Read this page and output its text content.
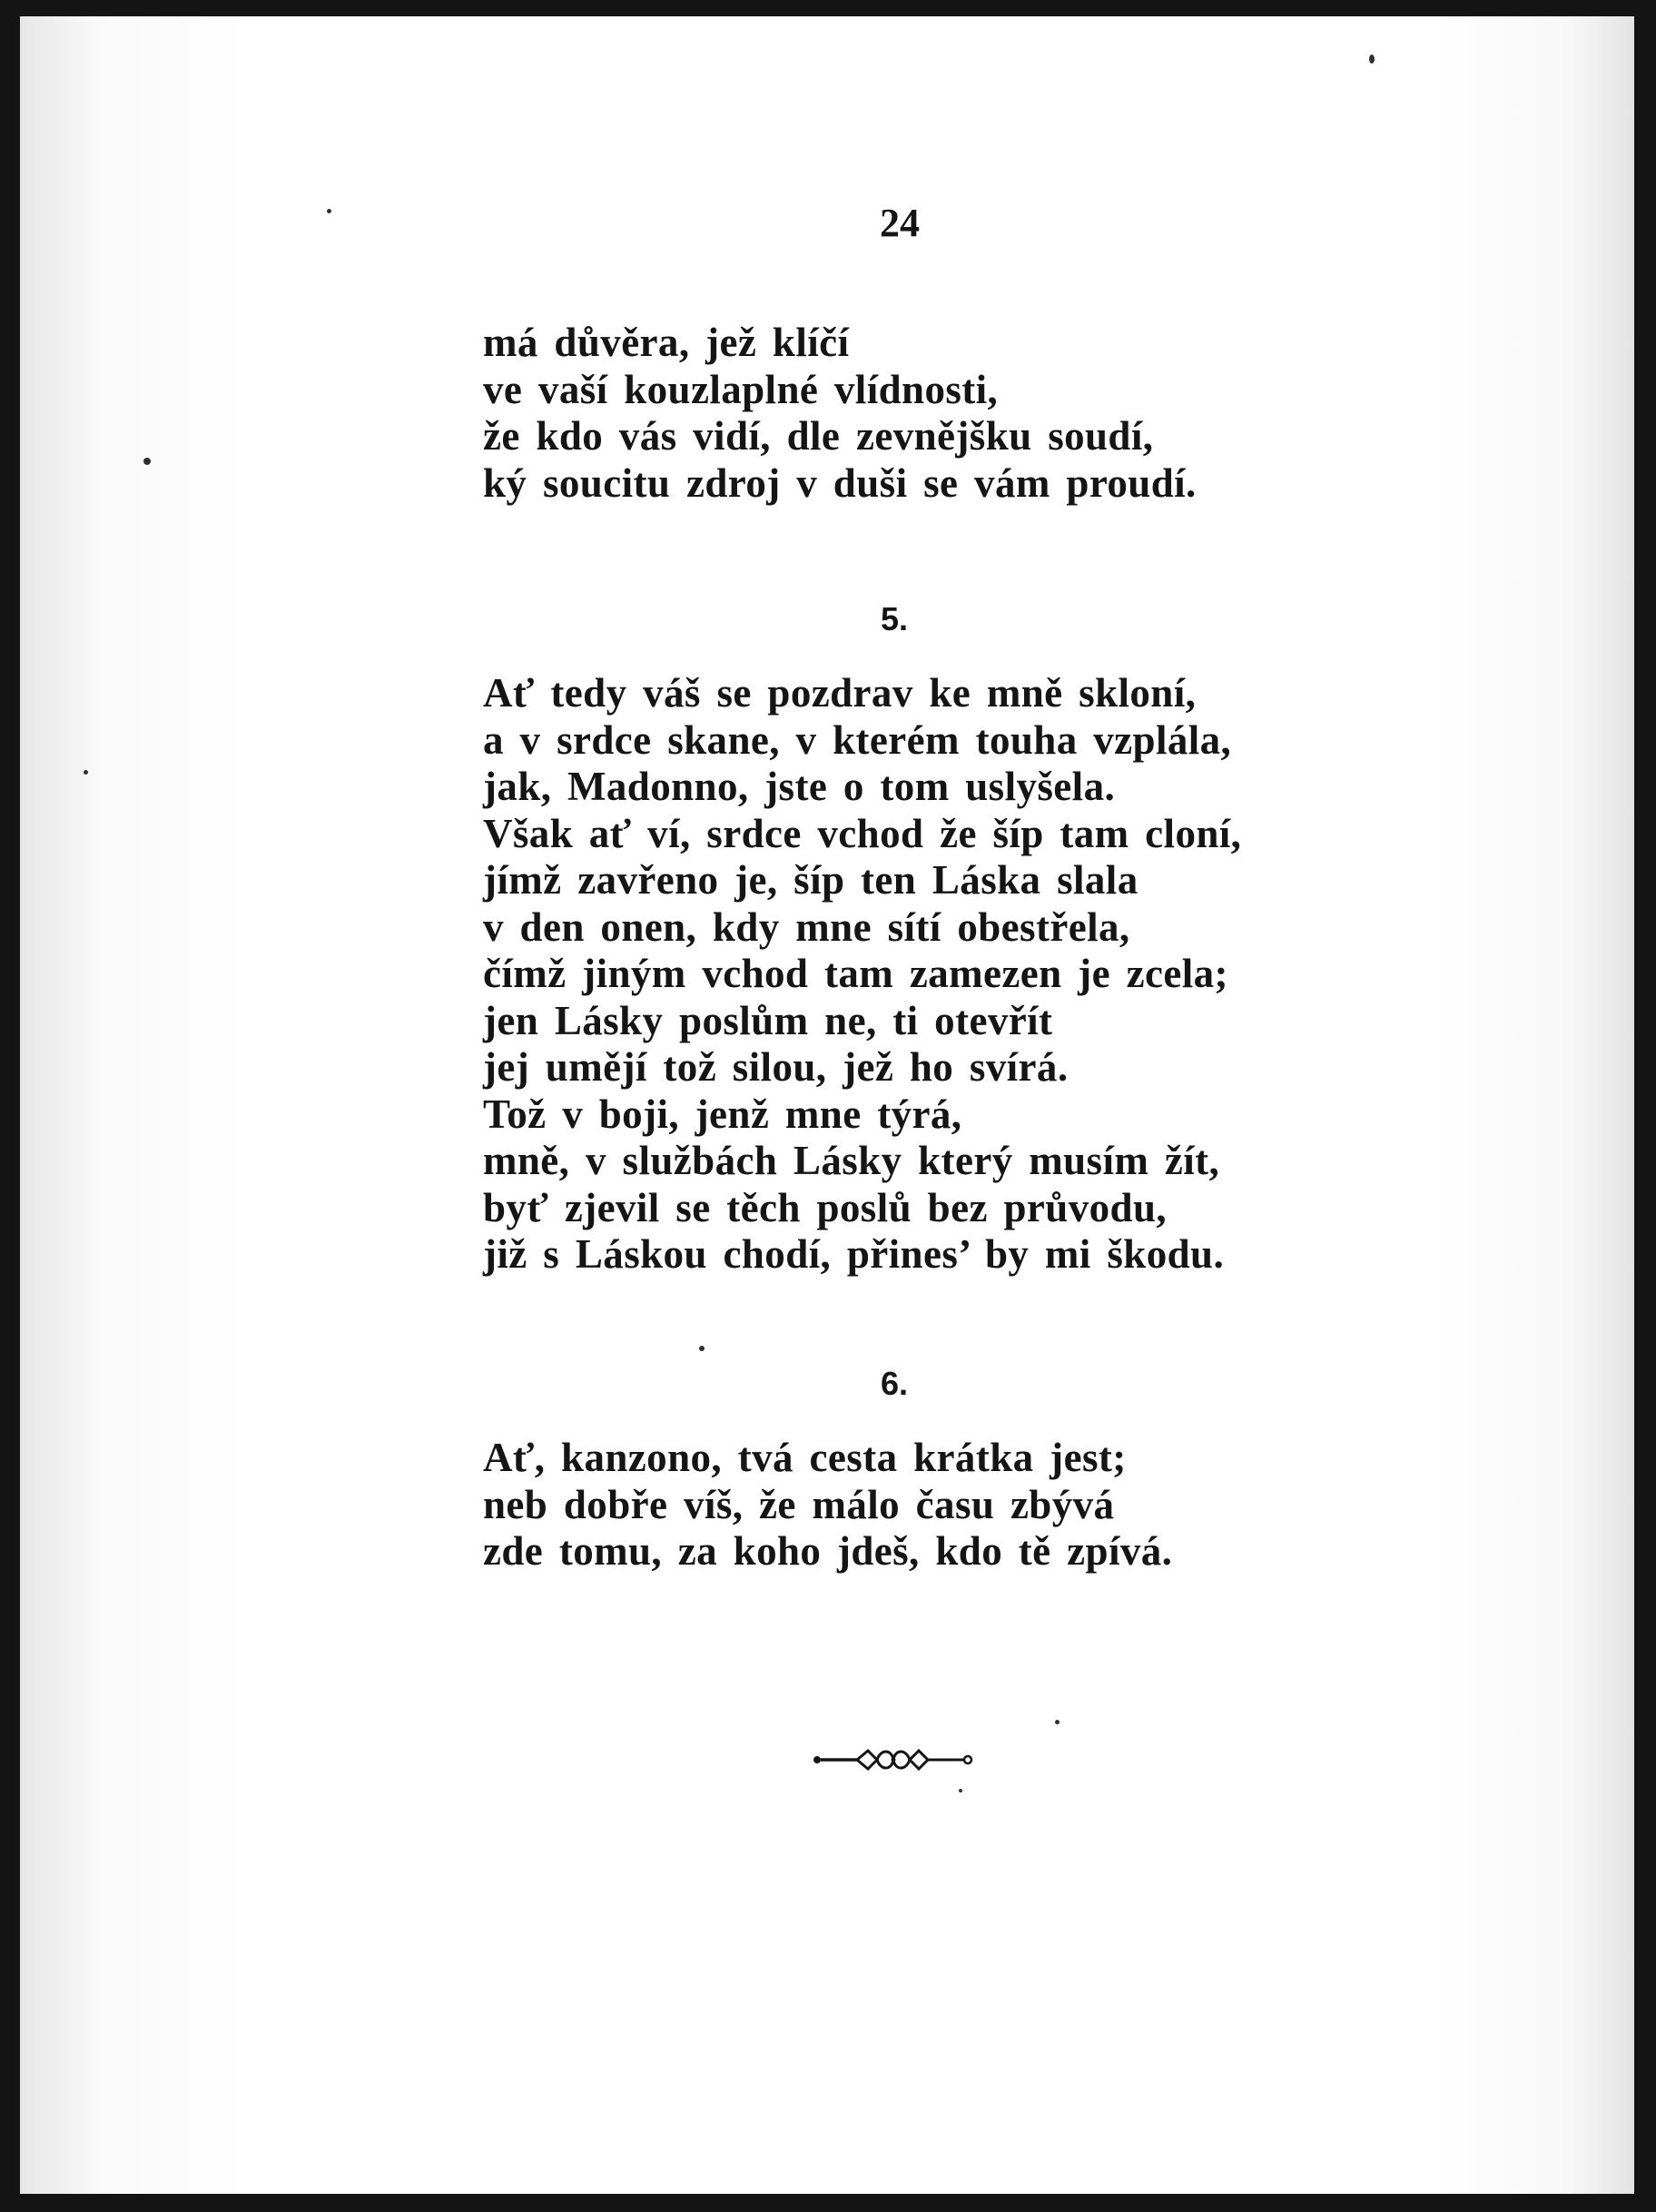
24
má důvěra, jež klíčí
ve vaší kouzlaplné vlídnosti,
že kdo vás vidí, dle zevnějšku soudí,
ký soucitu zdroj v duši se vám proudí.
5.
Ať tedy váš se pozdrav ke mně skloní,
a v srdce skane, v kterém touha vzplála,
jak, Madonno, jste o tom uslyšela.
Však ať ví, srdce vchod že šíp tam cloní,
jímž zavřeno je, šíp ten Láska slala
v den onen, kdy mne sítí obestřela,
čímž jiným vchod tam zamezen je zcela;
jen Lásky poslům ne, ti otevřít
jej umějí tož silou, jež ho svírá.
Tož v boji, jenž mne týrá,
mně, v službách Lásky který musím žít,
byť zjevil se těch poslů bez průvodu,
již s Láskou chodí, přines’ by mi škodu.
6.
Ať, kanzono, tvá cesta krátka jest;
neb dobře víš, že málo času zbývá
zde tomu, za koho jdeš, kdo tě zpívá.
